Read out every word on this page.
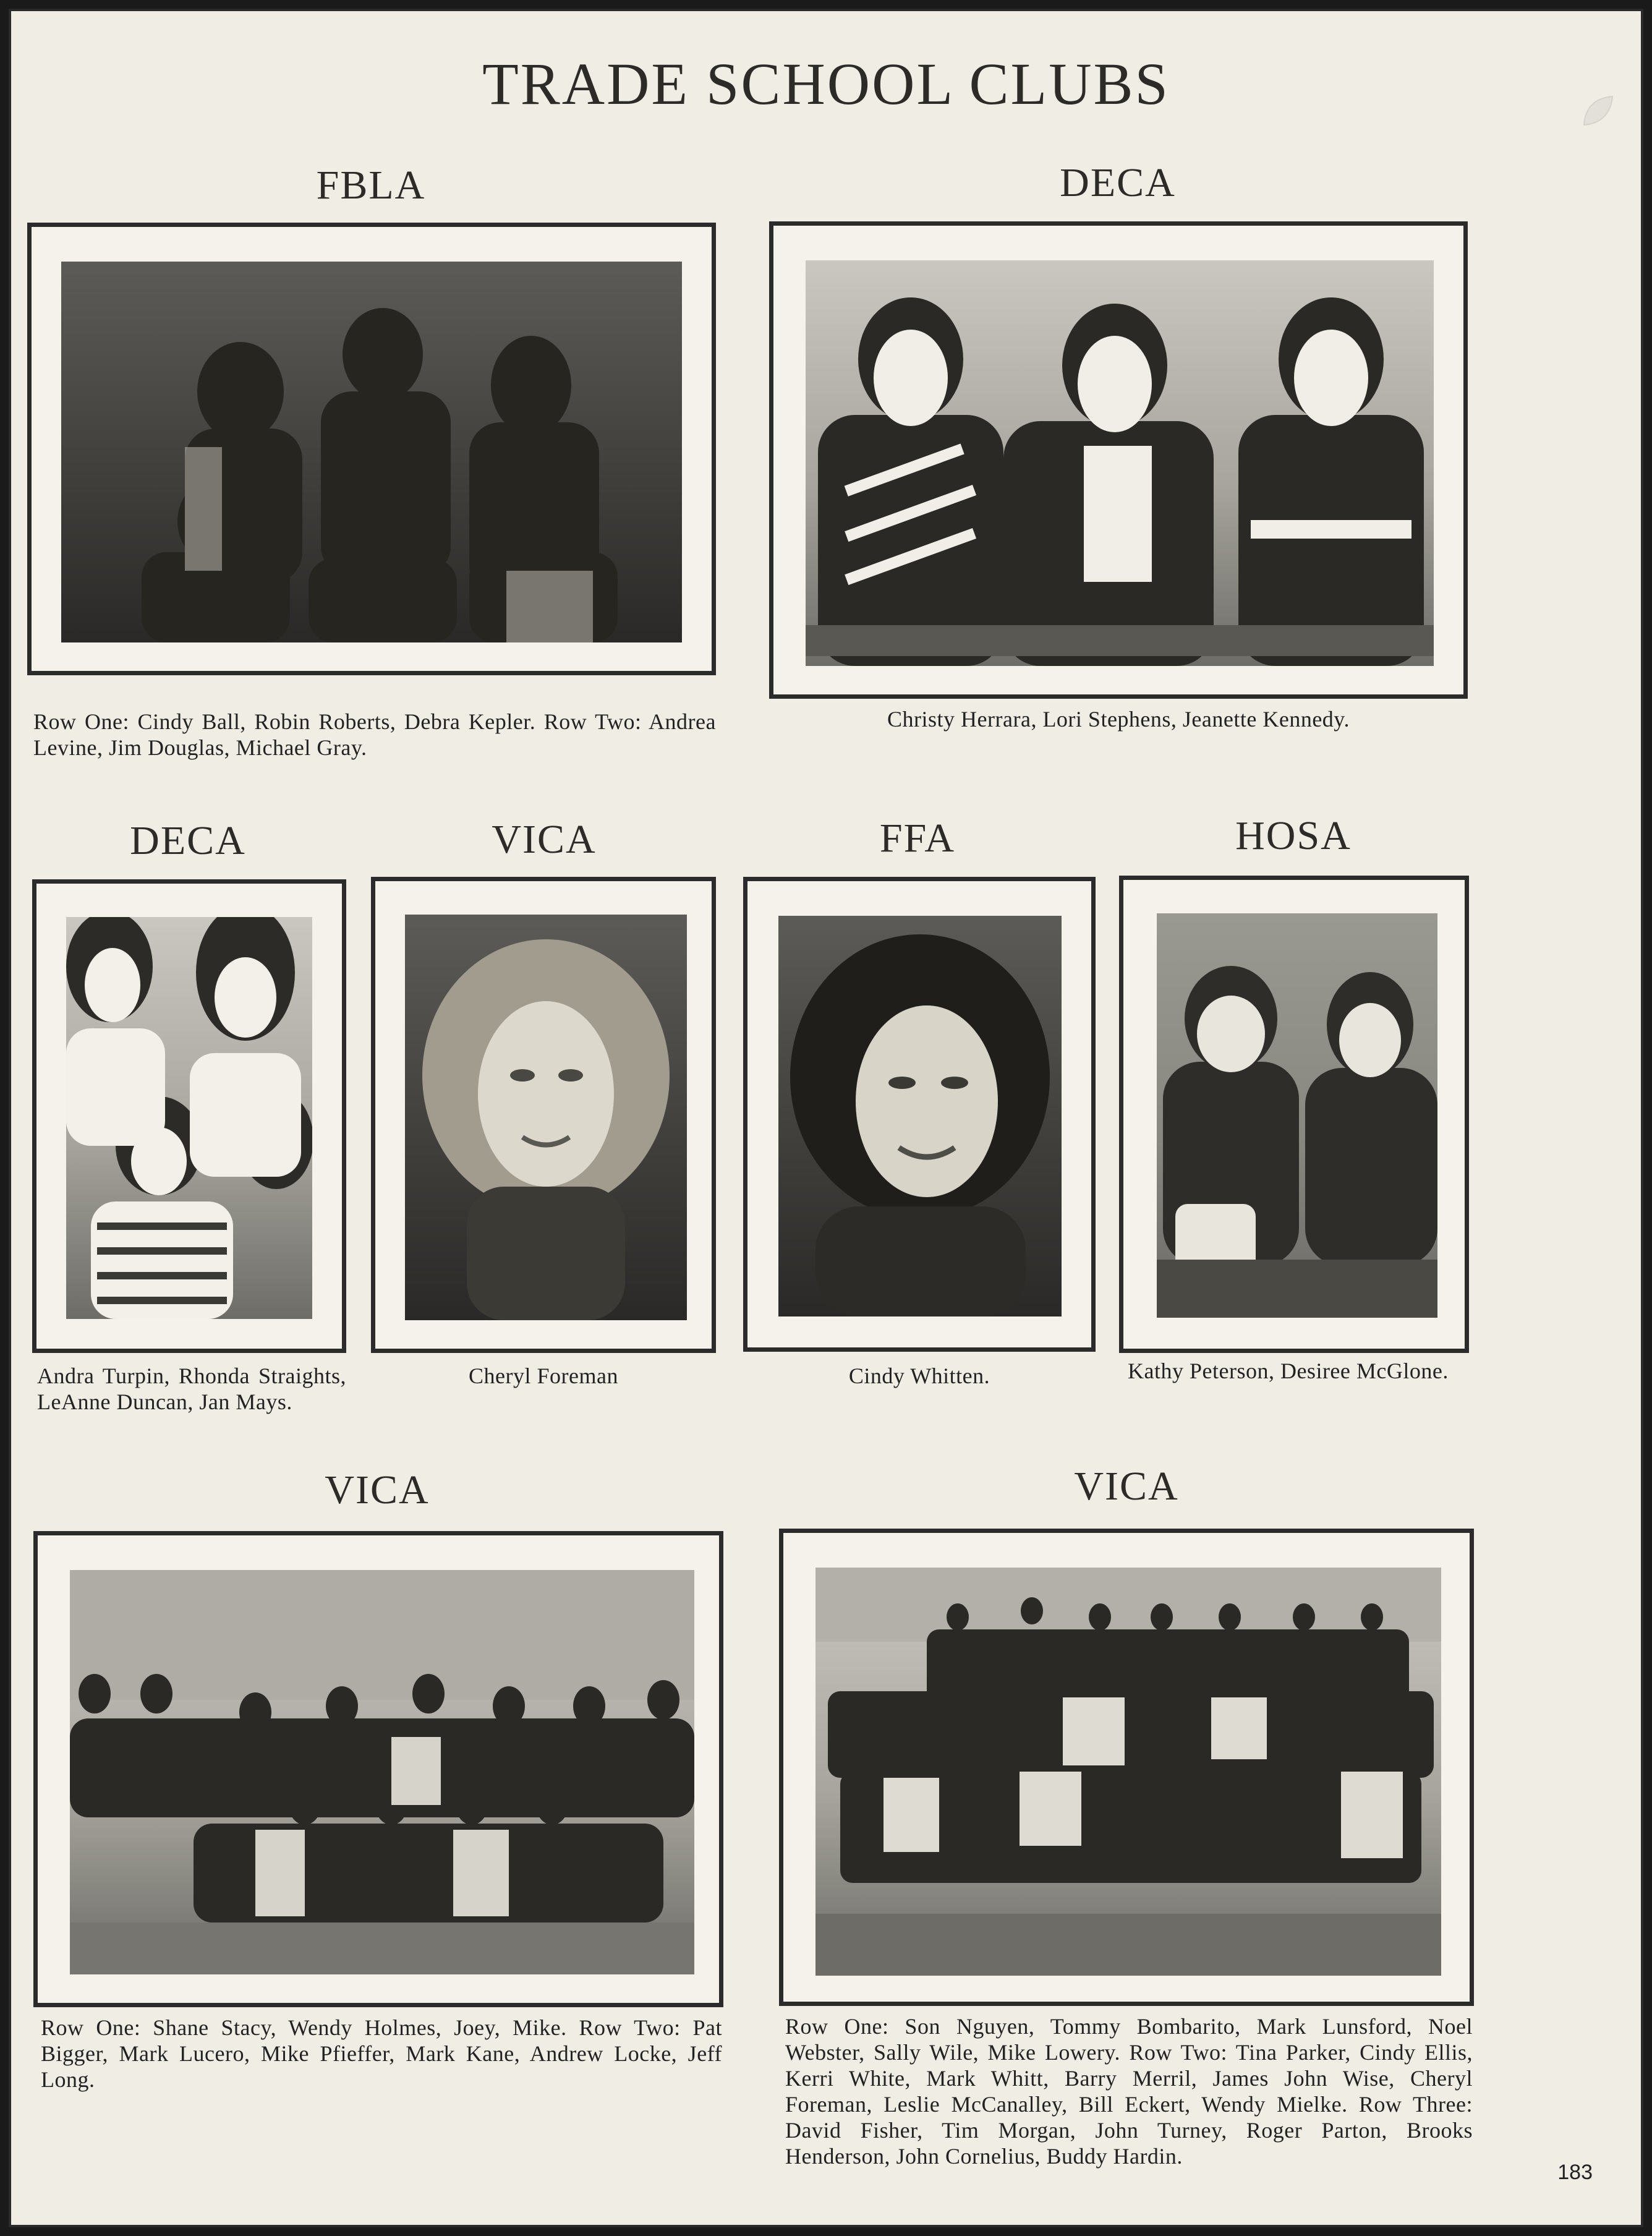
TRADE SCHOOL CLUBS
FBLA
Row One: Cindy Ball, Robin Roberts, Debra Kepler. Row Two: Andrea Levine, Jim Douglas, Michael Gray.
DECA
Christy Herrara, Lori Stephens, Jeanette Kennedy.
DECA
Andra Turpin, Rhonda Straights, LeAnne Duncan, Jan Mays.
VICA
Cheryl Foreman
FFA
Cindy Whitten.
HOSA
Kathy Peterson, Desiree McGlone.
VICA
Row One: Shane Stacy, Wendy Holmes, Joey, Mike. Row Two: Pat Bigger, Mark Lucero, Mike Pfieffer, Mark Kane, Andrew Locke, Jeff Long.
VICA
Row One: Son Nguyen, Tommy Bombarito, Mark Lunsford, Noel Webster, Sally Wile, Mike Lowery. Row Two: Tina Parker, Cindy Ellis, Kerri White, Mark Whitt, Barry Merril, James John Wise, Cheryl Foreman, Leslie McCanalley, Bill Eckert, Wendy Mielke. Row Three: David Fisher, Tim Morgan, John Turney, Roger Parton, Brooks Henderson, John Cornelius, Buddy Hardin.
183
